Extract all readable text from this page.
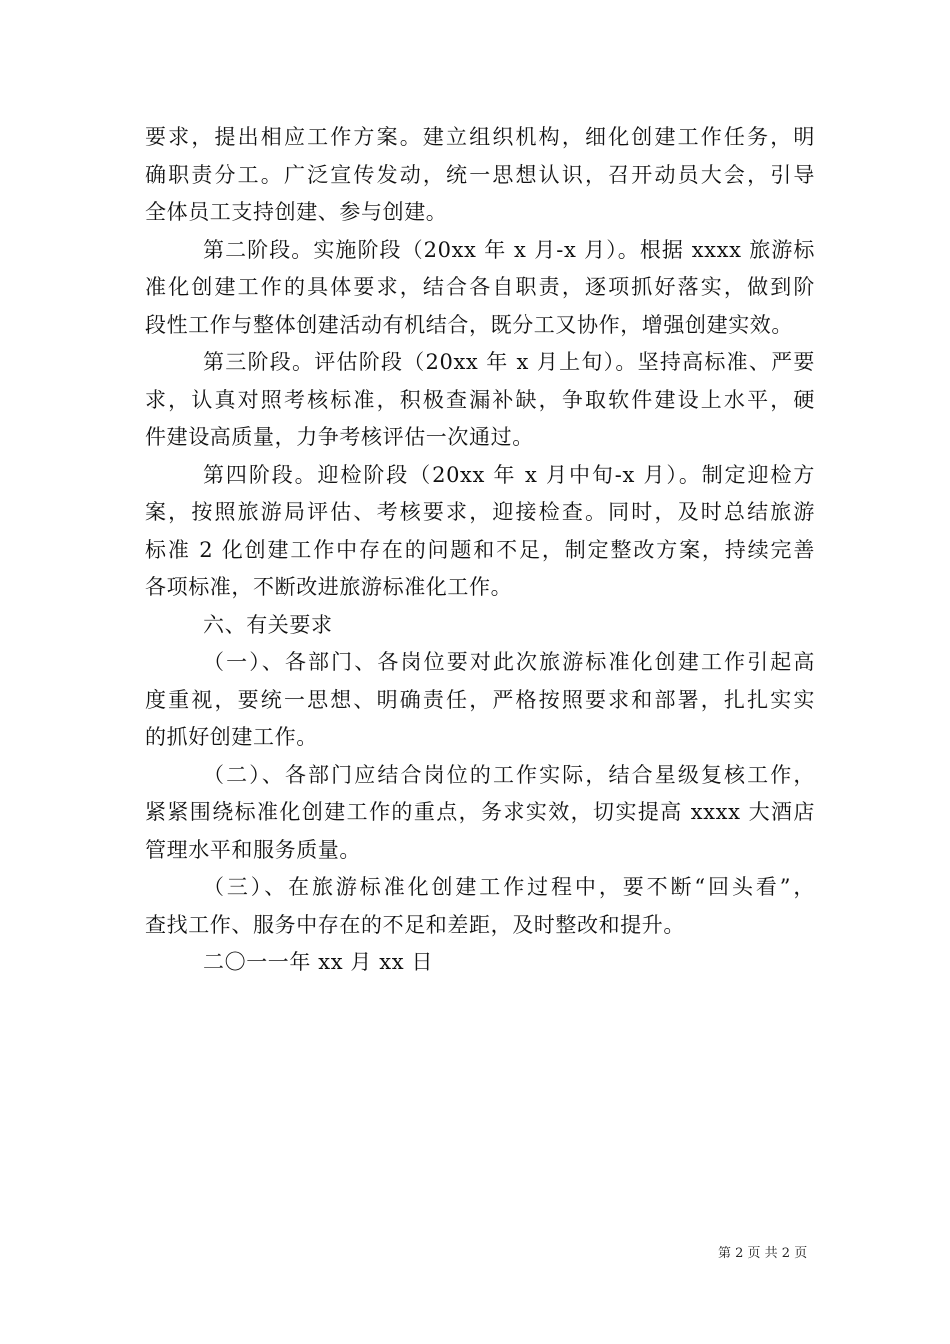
要求，提出相应工作方案。建立组织机构，细化创建工作任务，明
确职责分工。广泛宣传发动，统一思想认识，召开动员大会，引导
全体员工支持创建、参与创建。
第二阶段。实施阶段（20xx 年 x 月-x 月）。根据 xxxx 旅游标
准化创建工作的具体要求，结合各自职责，逐项抓好落实，做到阶
段性工作与整体创建活动有机结合，既分工又协作，增强创建实效。
第三阶段。评估阶段（20xx 年 x 月上旬）。坚持高标准、严要
求，认真对照考核标准，积极查漏补缺，争取软件建设上水平，硬
件建设高质量，力争考核评估一次通过。
第四阶段。迎检阶段（20xx 年 x 月中旬-x 月）。制定迎检方
案，按照旅游局评估、考核要求，迎接检查。同时，及时总结旅游
标准 2 化创建工作中存在的问题和不足，制定整改方案，持续完善
各项标准，不断改进旅游标准化工作。
六、有关要求
（一）、各部门、各岗位要对此次旅游标准化创建工作引起高
度重视，要统一思想、明确责任，严格按照要求和部署，扎扎实实
的抓好创建工作。
（二）、各部门应结合岗位的工作实际，结合星级复核工作，
紧紧围绕标准化创建工作的重点，务求实效，切实提高 xxxx 大酒店
管理水平和服务质量。
（三）、在旅游标准化创建工作过程中，要不断“回头看”，
查找工作、服务中存在的不足和差距，及时整改和提升。
二〇一一年 xx 月 xx 日
第 2 页 共 2 页
